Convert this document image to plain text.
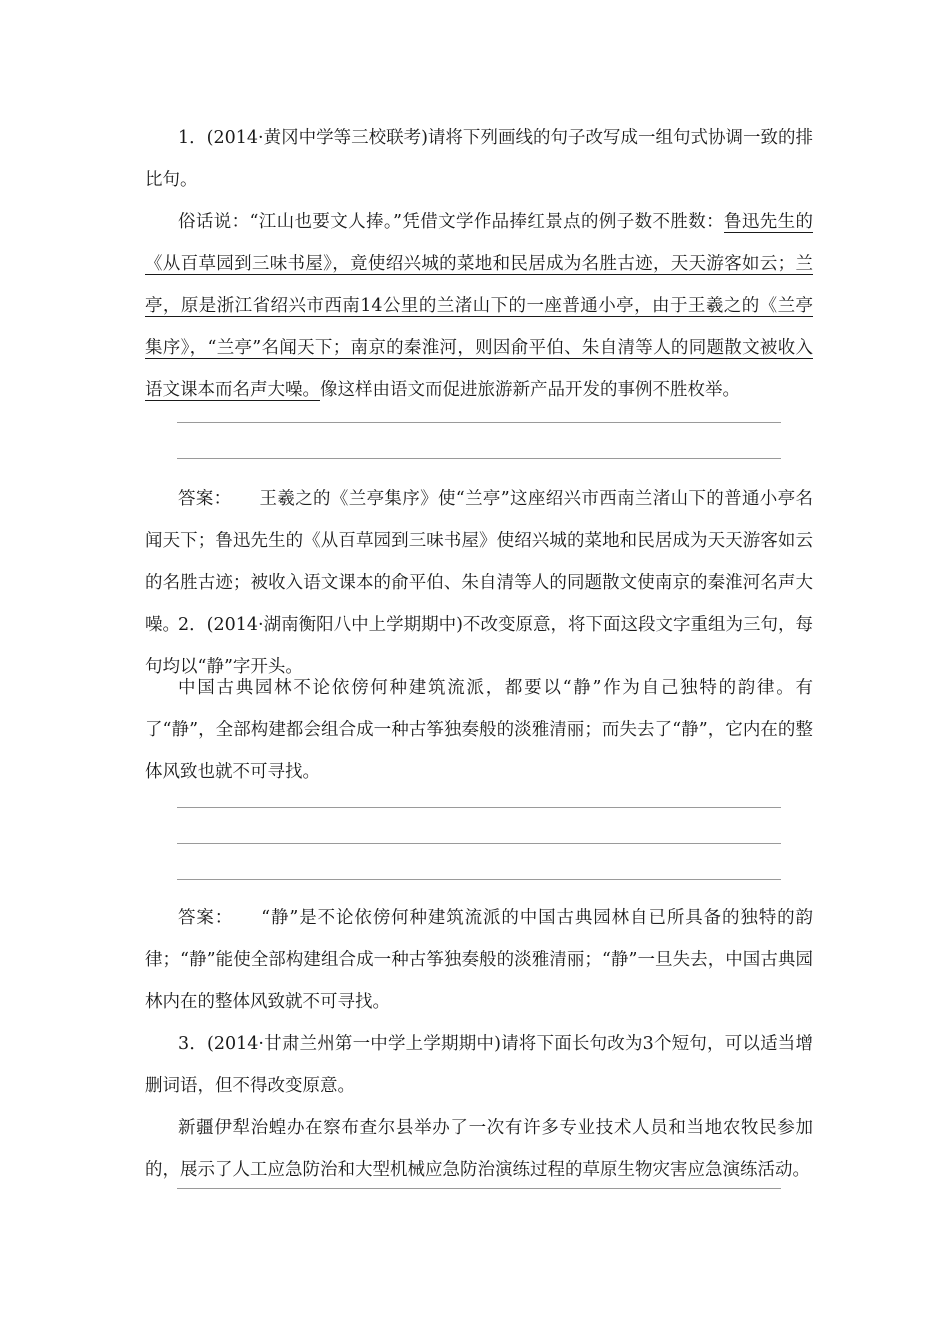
1．(2014·黄冈中学等三校联考)请将下列画线的句子改写成一组句式协调一致的排比句。

俗话说：“江山也要文人捧。”凭借文学作品捧红景点的例子数不胜数：鲁迅先生的《从百草园到三味书屋》，竟使绍兴城的菜地和民居成为名胜古迹，天天游客如云；兰亭，原是浙江省绍兴市西南14公里的兰渚山下的一座普通小亭，由于王羲之的《兰亭集序》，“兰亭”名闻天下；南京的秦淮河，则因俞平伯、朱自清等人的同题散文被收入语文课本而名声大噪。像这样由语文而促进旅游新产品开发的事例不胜枚举。

答案： 王羲之的《兰亭集序》使“兰亭”这座绍兴市西南兰渚山下的普通小亭名闻天下；鲁迅先生的《从百草园到三味书屋》使绍兴城的菜地和民居成为天天游客如云的名胜古迹；被收入语文课本的俞平伯、朱自清等人的同题散文使南京的秦淮河名声大噪。

2．(2014·湖南衡阳八中上学期期中)不改变原意，将下面这段文字重组为三句，每句均以“静”字开头。

中国古典园林不论依傍何种建筑流派，都要以“静”作为自己独特的韵律。有了“静”，全部构建都会组合成一种古筝独奏般的淡雅清丽；而失去了“静”，它内在的整体风致也就不可寻找。

答案： “静”是不论依傍何种建筑流派的中国古典园林自已所具备的独特的韵律；“静”能使全部构建组合成一种古筝独奏般的淡雅清丽；“静”一旦失去，中国古典园林内在的整体风致就不可寻找。

3．(2014·甘肃兰州第一中学上学期期中)请将下面长句改为3个短句，可以适当增删词语，但不得改变原意。

新疆伊犁治蝗办在察布查尔县举办了一次有许多专业技术人员和当地农牧民参加的，展示了人工应急防治和大型机械应急防治演练过程的草原生物灾害应急演练活动。
